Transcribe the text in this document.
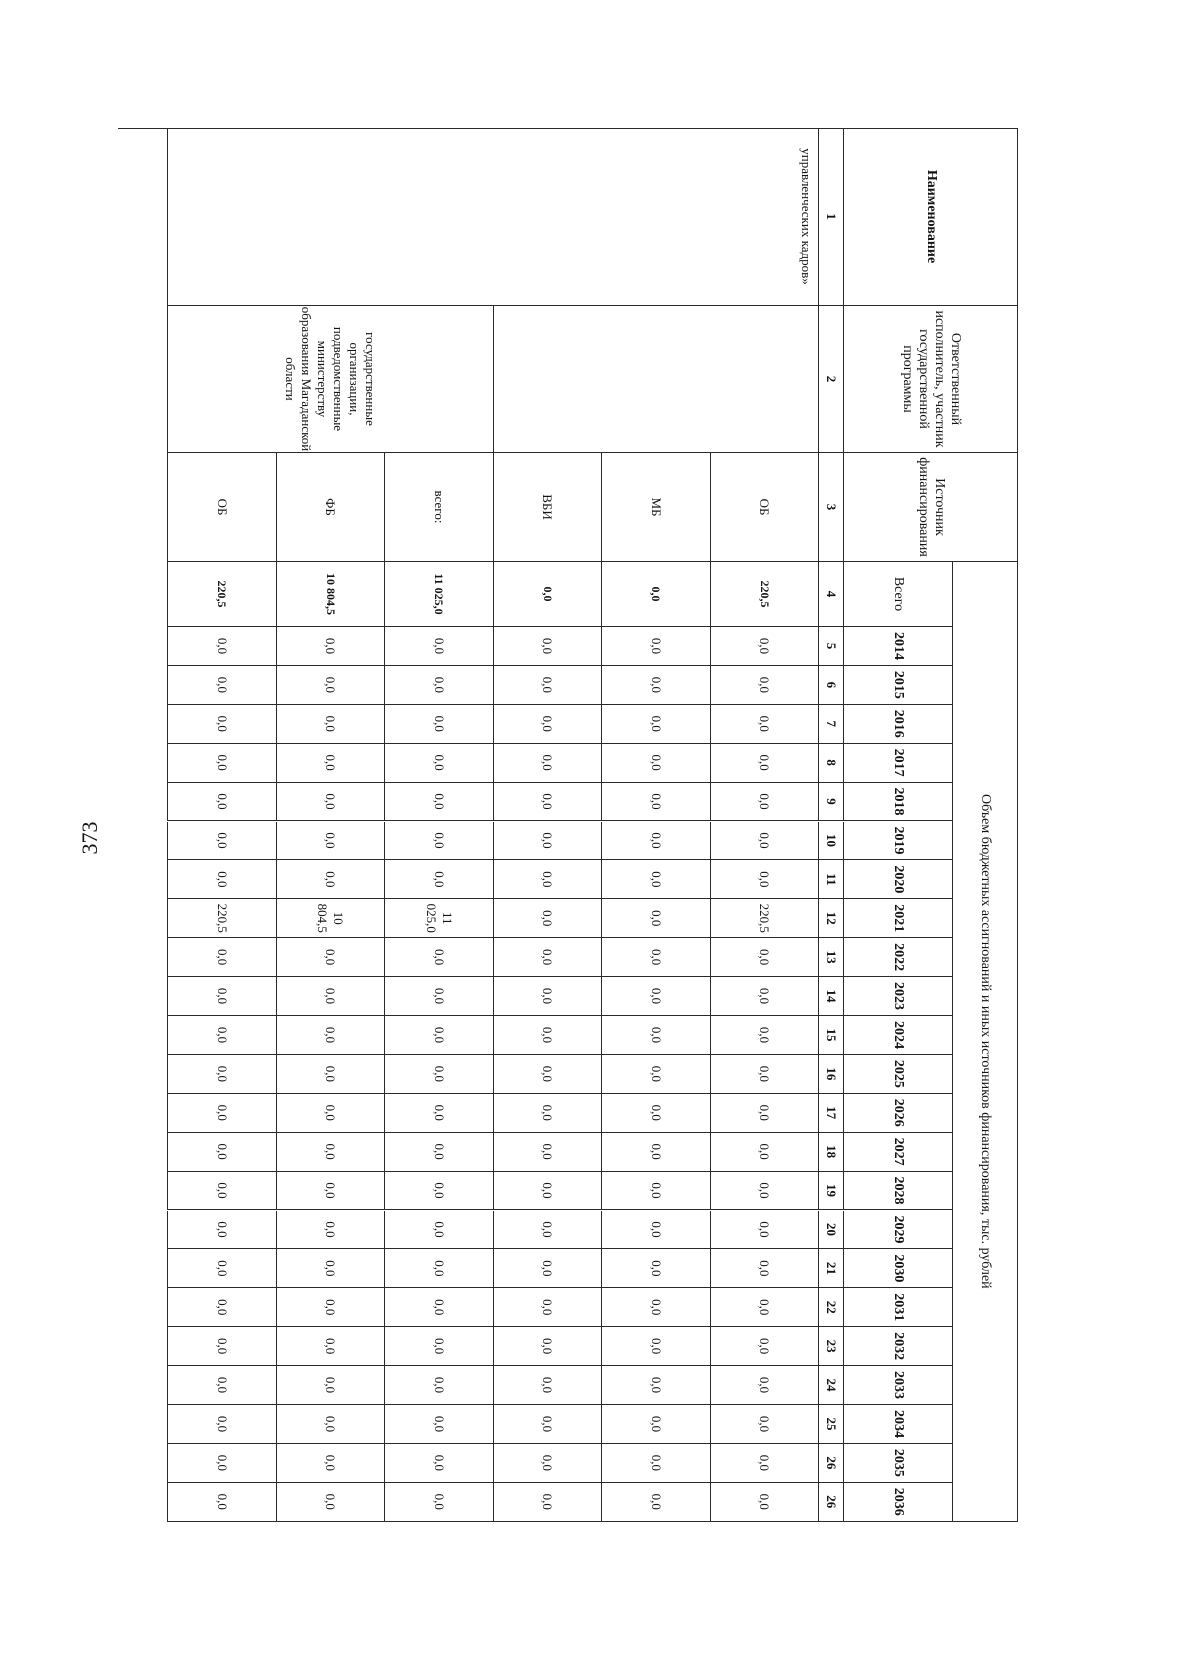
373
Наименование
Ответственный исполнитель, участник государственной программы
Источник финансирования
Объем бюджетных ассигнований и иных источников финансирования, тыс. рублей
Всего
2014
2015
2016
2017
2018
2019
2020
2021
2022
2023
2024
2025
2026
2027
2028
2029
2030
2031
2032
2033
2034
2035
2036
1
2
3
4
5
6
7
8
9
10
11
12
13
14
15
16
17
18
19
20
21
22
23
24
25
26
26
управленческих кадров»
государственные организации, подведомственные министерству образования Магаданской области
ОБ
220,5
0,0
0,0
0,0
0,0
0,0
0,0
0,0
220,5
0,0
0,0
0,0
0,0
0,0
0,0
0,0
0,0
0,0
0,0
0,0
0,0
0,0
0,0
0,0
МБ
0,0
0,0
0,0
0,0
0,0
0,0
0,0
0,0
0,0
0,0
0,0
0,0
0,0
0,0
0,0
0,0
0,0
0,0
0,0
0,0
0,0
0,0
0,0
0,0
ВБИ
0,0
0,0
0,0
0,0
0,0
0,0
0,0
0,0
0,0
0,0
0,0
0,0
0,0
0,0
0,0
0,0
0,0
0,0
0,0
0,0
0,0
0,0
0,0
0,0
всего:
11 025,0
0,0
0,0
0,0
0,0
0,0
0,0
0,0
11 025,0
0,0
0,0
0,0
0,0
0,0
0,0
0,0
0,0
0,0
0,0
0,0
0,0
0,0
0,0
0,0
ФБ
10 804,5
0,0
0,0
0,0
0,0
0,0
0,0
0,0
10 804,5
0,0
0,0
0,0
0,0
0,0
0,0
0,0
0,0
0,0
0,0
0,0
0,0
0,0
0,0
0,0
ОБ
220,5
0,0
0,0
0,0
0,0
0,0
0,0
0,0
220,5
0,0
0,0
0,0
0,0
0,0
0,0
0,0
0,0
0,0
0,0
0,0
0,0
0,0
0,0
0,0
